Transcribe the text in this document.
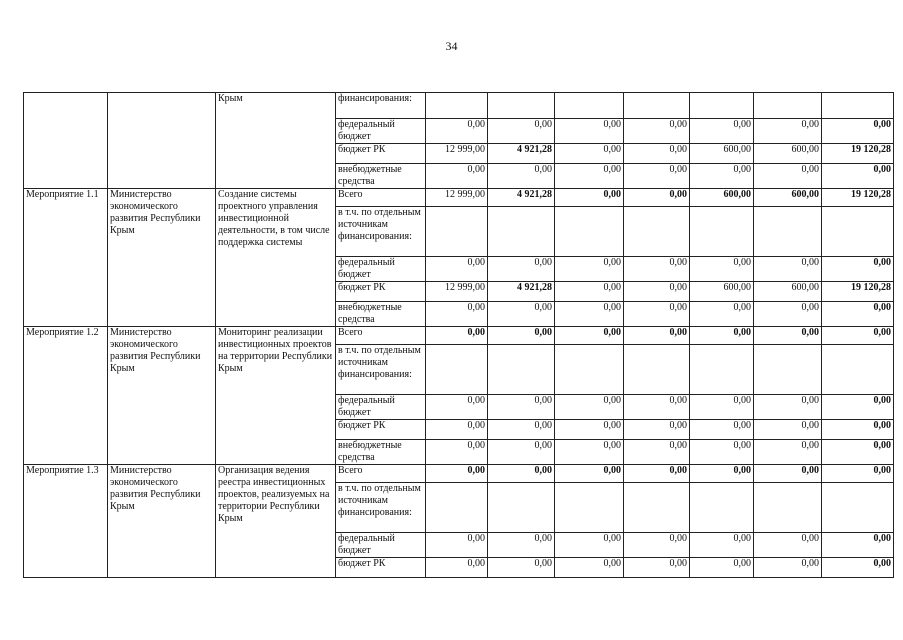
34
		Крым	финансирования:							
			федеральный бюджет	0,00	0,00	0,00	0,00	0,00	0,00	0,00
			бюджет РК	12 999,00	4 921,28	0,00	0,00	600,00	600,00	19 120,28
			внебюджетные средства	0,00	0,00	0,00	0,00	0,00	0,00	0,00
Мероприятие 1.1	Министерство экономического развития Республики Крым	Создание системы проектного управления инвестиционной деятельности, в том числе поддержка системы	Всего	12 999,00	4 921,28	0,00	0,00	600,00	600,00	19 120,28
			в т.ч. по отдельным источникам финансирования:							
			федеральный бюджет	0,00	0,00	0,00	0,00	0,00	0,00	0,00
			бюджет РК	12 999,00	4 921,28	0,00	0,00	600,00	600,00	19 120,28
			внебюджетные средства	0,00	0,00	0,00	0,00	0,00	0,00	0,00
Мероприятие 1.2	Министерство экономического развития Республики Крым	Мониторинг реализации инвестиционных проектов на территории Республики Крым	Всего	0,00	0,00	0,00	0,00	0,00	0,00	0,00
			в т.ч. по отдельным источникам финансирования:							
			федеральный бюджет	0,00	0,00	0,00	0,00	0,00	0,00	0,00
			бюджет РК	0,00	0,00	0,00	0,00	0,00	0,00	0,00
			внебюджетные средства	0,00	0,00	0,00	0,00	0,00	0,00	0,00
Мероприятие 1.3	Министерство экономического развития Республики Крым	Организация ведения реестра инвестиционных проектов, реализуемых на территории Республики Крым	Всего	0,00	0,00	0,00	0,00	0,00	0,00	0,00
			в т.ч. по отдельным источникам финансирования:							
			федеральный бюджет	0,00	0,00	0,00	0,00	0,00	0,00	0,00
			бюджет РК	0,00	0,00	0,00	0,00	0,00	0,00	0,00
